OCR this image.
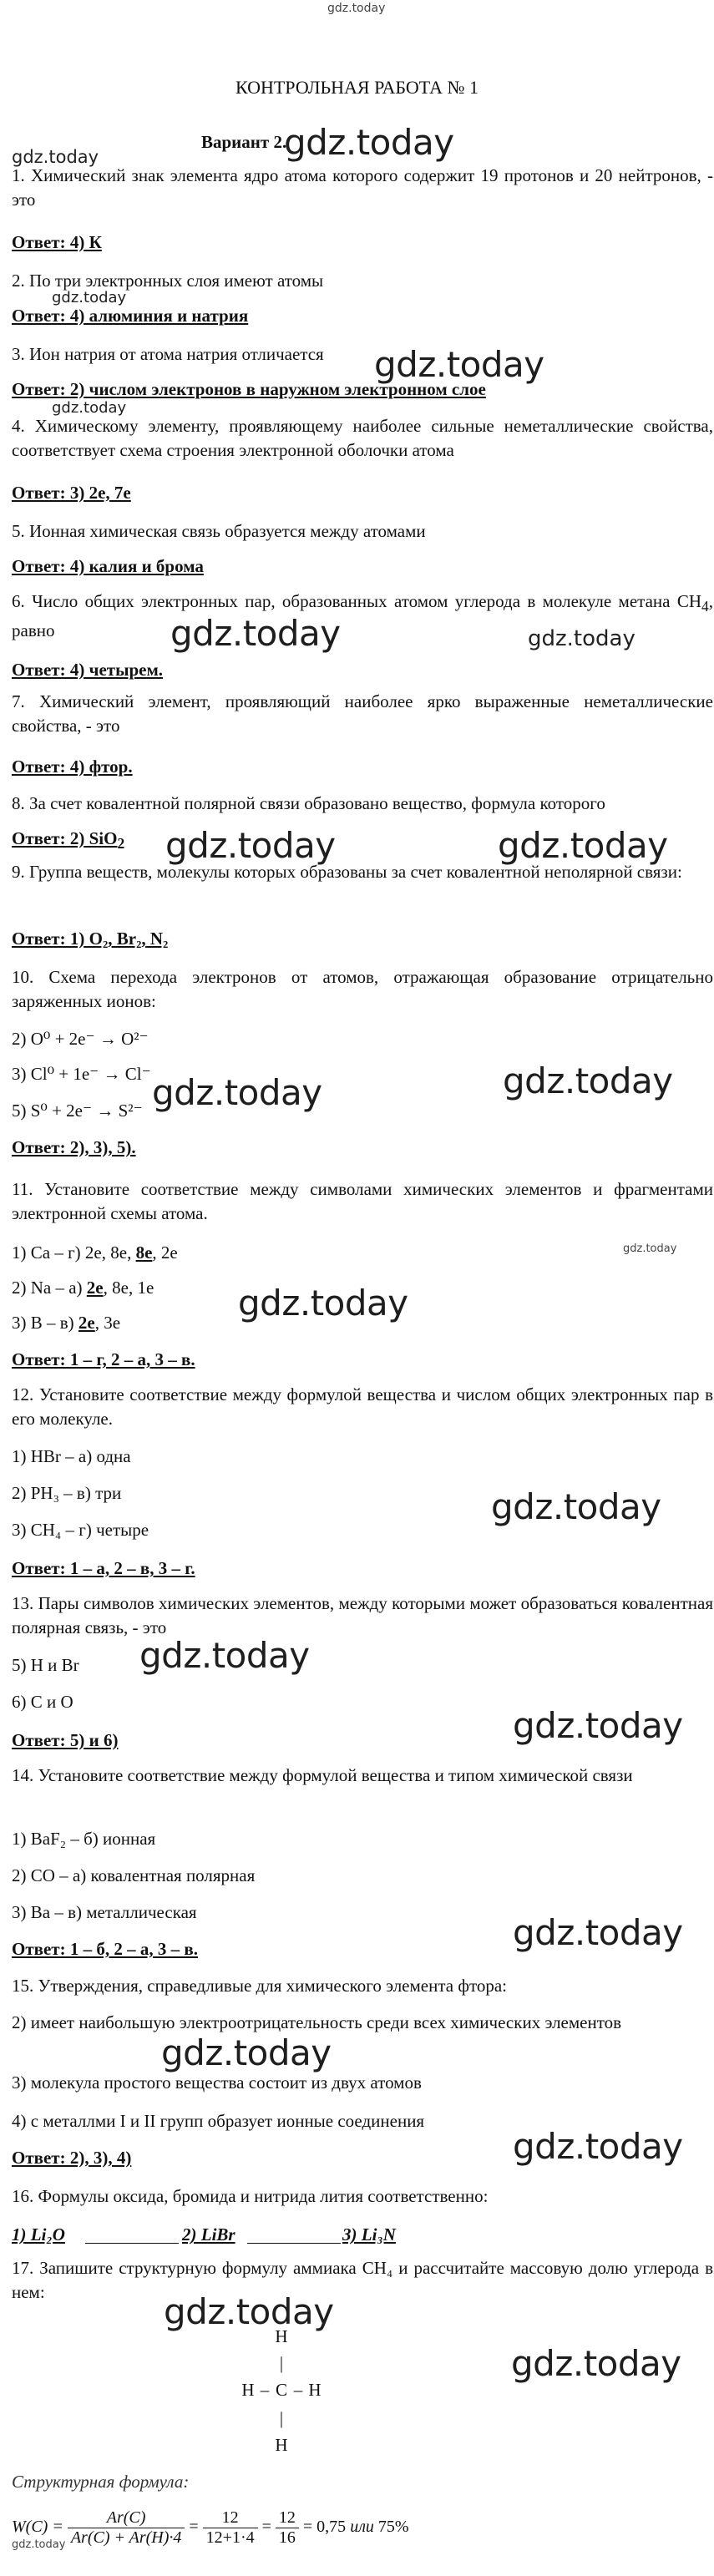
gdz.today
КОНТРОЛЬНАЯ РАБОТА № 1
Вариант 2.
gdz.today
gdz.today
1. Химический знак элемента ядро атома которого содержит 19 протонов и 20 нейтронов, - это
Ответ: 4) К
2. По три электронных слоя имеют атомы
gdz.today
Ответ: 4) алюминия и натрия
3. Ион натрия от атома натрия отличается	gdz.today
Ответ: 2) числом электронов в наружном электронном слое
gdz.today
4. Химическому элементу, проявляющему наиболее сильные неметаллические свойства, соответствует схема строения электронной оболочки атома
Ответ: 3) 2е, 7е
5. Ионная химическая связь образуется между атомами
Ответ: 4) калия и брома
6. Число общих электронных пар, образованных атомом углерода в молекуле метана $СН_4$, равно	gdz.today	gdz.today
Ответ: 4) четырем.
7. Химический элемент, проявляющий наиболее ярко выраженные неметаллические свойства, - это
Ответ: 4) фтор.
8. За счет ковалентной полярной связи образовано вещество, формула которого
Ответ: 2) SiO$_2$ gdz.today	gdz.today
9. Группа веществ, молекулы которых образованы за счет ковалентной неполярной связи:
Ответ: 1) O₂, Br₂, N₂
10. Схема перехода электронов от атомов, отражающая образование отрицательно заряженных ионов:
2) O⁰ + 2e⁻ → O²⁻
3) Cl⁰ + 1e⁻ → Cl⁻
5) S⁰ + 2e⁻ → S²⁻ gdz.today	gdz.today
Ответ: 2), 3), 5).
11. Установите соответствие между символами химических элементов и фрагментами электронной схемы атома.
1) Ca – г) 2е, 8е, 8е, 2е	gdz.today
2) Na – а) 2е, 8е, 1е gdz.today
3) B – в) 2е, 3е
Ответ: 1 – г, 2 – а, 3 – в.
12. Установите соответствие между формулой вещества и числом общих электронных пар в его молекуле.
1) HBr – а) одна
2) PH₃ – в) три	gdz.today
3) CH₄ – г) четыре
Ответ: 1 – а, 2 – в, 3 – г.
13. Пары символов химических элементов, между которыми может образоваться ковалентная полярная связь, - это
gdz.today
5) H и Br
6) C и O
gdz.today
Ответ: 5) и 6)
14. Установите соответствие между формулой вещества и типом химической связи
1) BaF₂ – б) ионная
2) CO – а) ковалентная полярная
3) Ba – в) металлическая	gdz.today
Ответ: 1 – б, 2 – а, 3 – в.
15. Утверждения, справедливые для химического элемента фтора:
2) имеет наибольшую электроотрицательность среди всех химических элементов
gdz.today
3) молекула простого вещества состоит из двух атомов
4) с металлми I и II групп образует ионные соединения
gdz.today
Ответ: 2), 3), 4)
16. Формулы оксида, бромида и нитрида лития соответственно:
1) Li₂O	2) LiBr	3) Li₃N
17. Запишите структурную формулу аммиака СН₄ и рассчитайте массовую долю углерода в нем:	gdz.today
gdz.today
H
|
H – C – H
|
H
Структурная формула:
$W(C) = \frac{Ar(C)}{Ar(C) + Ar(H)\cdot 4} = \frac{12}{12+1\cdot 4} = \frac{12}{16} = 0,75$ или 75%
gdz.today
